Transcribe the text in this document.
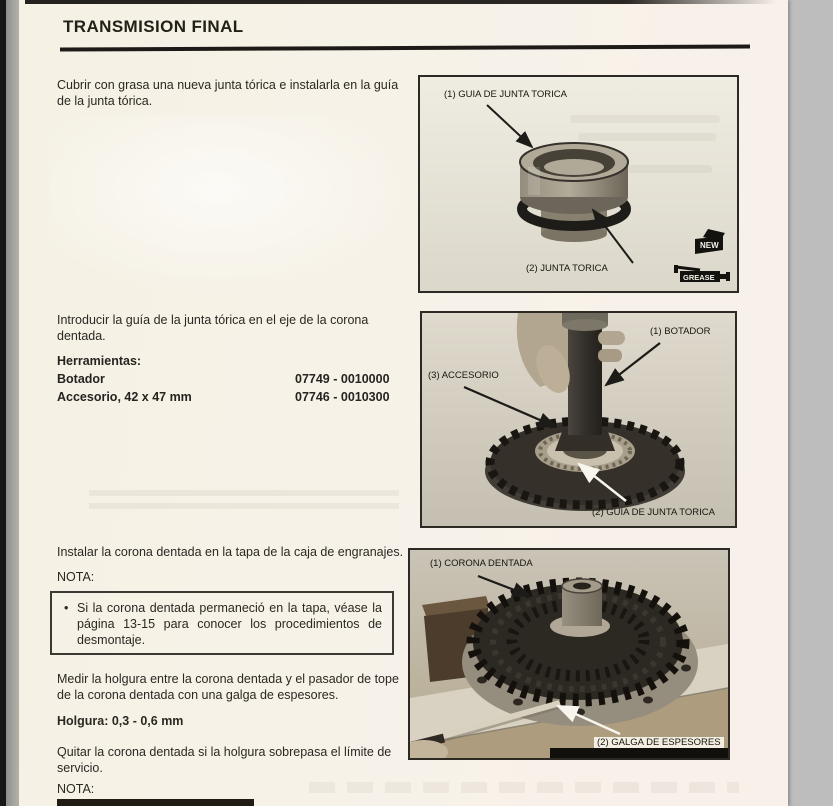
TRANSMISION FINAL

Cubrir con grasa una nueva junta tórica e instalarla en la guía de la junta tórica.

Introducir la guía de la junta tórica en el eje de la corona dentada.

Herramientas:
Botador	07749 - 0010000
Accesorio, 42 x 47 mm	07746 - 0010300

Instalar la corona dentada en la tapa de la caja de engranajes.

NOTA:

• Si la corona dentada permaneció en la tapa, véase la página 13-15 para conocer los procedimientos de desmontaje.

Medir la holgura entre la corona dentada y el pasador de tope de la corona dentada con una galga de espesores.

Holgura: 0,3 - 0,6 mm

Quitar la corona dentada si la holgura sobrepasa el límite de servicio.

NOTA:

(1) GUIA DE JUNTA TORICA
(2) JUNTA TORICA
NEW
GREASE
(1) BOTADOR
(3) ACCESORIO
(2) GUIA DE JUNTA TORICA
(1) CORONA DENTADA
(2) GALGA DE ESPESORES
